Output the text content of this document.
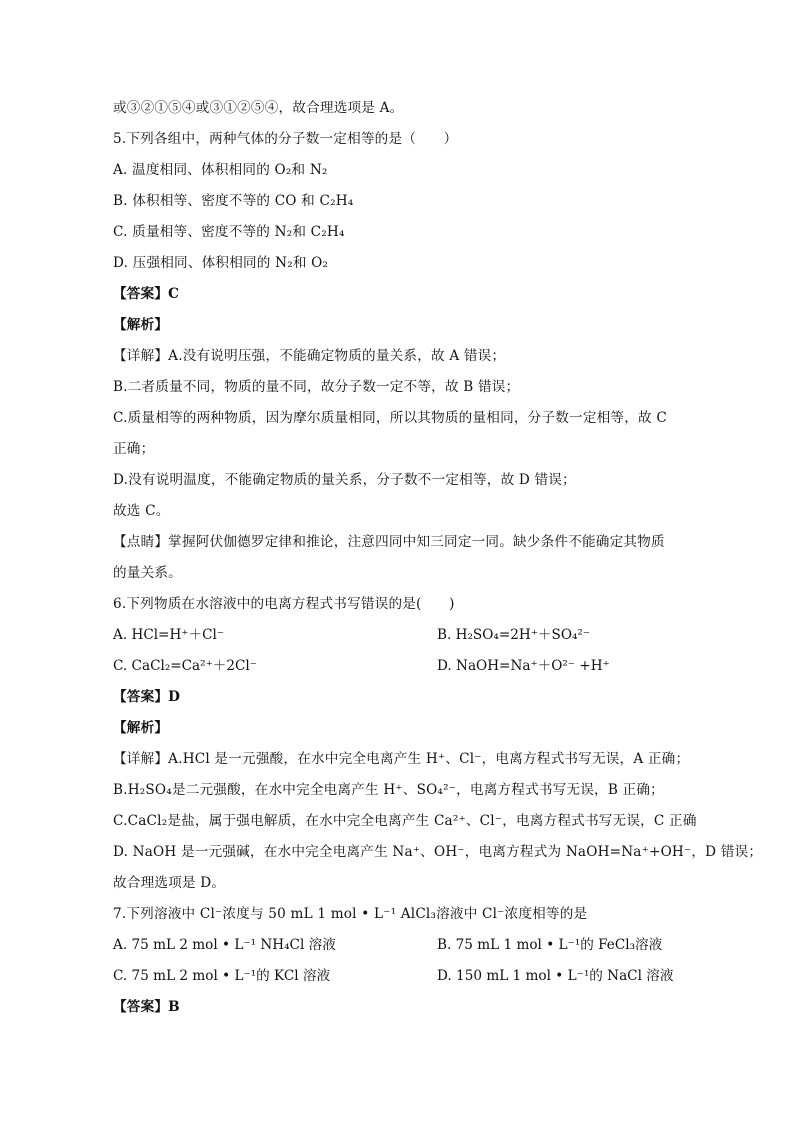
或③②①⑤④或③①②⑤④，故合理选项是 A。
5.下列各组中，两种气体的分子数一定相等的是（　　）
A. 温度相同、体积相同的 O₂和 N₂
B. 体积相等、密度不等的 CO 和 C₂H₄
C. 质量相等、密度不等的 N₂和 C₂H₄
D. 压强相同、体积相同的 N₂和 O₂
【答案】C
【解析】
【详解】A.没有说明压强，不能确定物质的量关系，故 A 错误；
B.二者质量不同，物质的量不同，故分子数一定不等，故 B 错误；
C.质量相等的两种物质，因为摩尔质量相同，所以其物质的量相同，分子数一定相等，故 C
正确；
D.没有说明温度，不能确定物质的量关系，分子数不一定相等，故 D 错误；
故选 C。
【点睛】掌握阿伏伽德罗定律和推论，注意四同中知三同定一同。缺少条件不能确定其物质
的量关系。
6.下列物质在水溶液中的电离方程式书写错误的是(　　)
A. HCl=H⁺＋Cl⁻	B. H₂SO₄=2H⁺＋SO₄²⁻
C. CaCl₂=Ca²⁺＋2Cl⁻	D. NaOH=Na⁺＋O²⁻ +H⁺
【答案】D
【解析】
【详解】A.HCl 是一元强酸，在水中完全电离产生 H⁺、Cl⁻，电离方程式书写无误，A 正确；
B.H₂SO₄是二元强酸，在水中完全电离产生 H⁺、SO₄²⁻，电离方程式书写无误，B 正确；
C.CaCl₂是盐，属于强电解质，在水中完全电离产生 Ca²⁺、Cl⁻，电离方程式书写无误，C 正确
D. NaOH 是一元强碱，在水中完全电离产生 Na⁺、OH⁻，电离方程式为 NaOH=Na⁺+OH⁻，D 错误；
故合理选项是 D。
7.下列溶液中 Cl⁻浓度与 50 mL 1 mol • L⁻¹ AlCl₃溶液中 Cl⁻浓度相等的是
A. 75 mL 2 mol • L⁻¹ NH₄Cl 溶液	B. 75 mL 1 mol • L⁻¹的 FeCl₃溶液
C. 75 mL 2 mol • L⁻¹的 KCl 溶液	D. 150 mL 1 mol • L⁻¹的 NaCl 溶液
【答案】B
